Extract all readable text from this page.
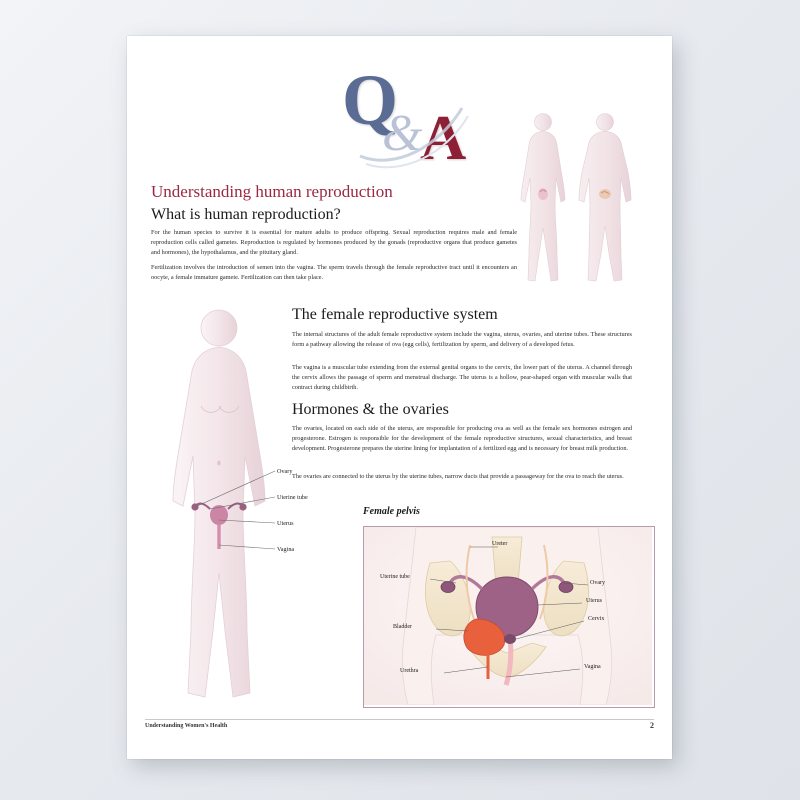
Q
&
A
Understanding human reproduction
What is human reproduction?
For the human species to survive it is essential for mature adults to produce offspring. Sexual reproduction requires male and female reproduction cells called gametes. Reproduction is regulated by hormones produced by the gonads (reproductive organs that produce gametes and hormones), the hypothalamus, and the pituitary gland.
Fertilization involves the introduction of semen into the vagina. The sperm travels through the female reproductive tract until it encounters an oocyte, a female immature gamete. Fertilization can then take place.
The female reproductive system
The internal structures of the adult female reproductive system include the vagina, uterus, ovaries, and uterine tubes. These structures form a pathway allowing the release of ova (egg cells), fertilization by sperm, and delivery of a developed fetus.
The vagina is a muscular tube extending from the external genital organs to the cervix, the lower part of the uterus. A channel through the cervix allows the passage of sperm and menstrual discharge. The uterus is a hollow, pear-shaped organ with muscular walls that contract during childbirth.
Hormones & the ovaries
The ovaries, located on each side of the uterus, are responsible for producing ova as well as the female sex hormones estrogen and progesterone. Estrogen is responsible for the development of the female reproductive structures, sexual characteristics, and breast development. Progesterone prepares the uterine lining for implantation of a fertilized egg and is necessary for breast milk production.
The ovaries are connected to the uterus by the uterine tubes, narrow ducts that provide a passageway for the ova to reach the uterus.
Female pelvis
Ovary
Uterine tube
Uterus
Vagina
Ureter
Uterine tube
Bladder
Urethra
Ovary
Uterus
Cervix
Vagina
Understanding Women's Health	2
